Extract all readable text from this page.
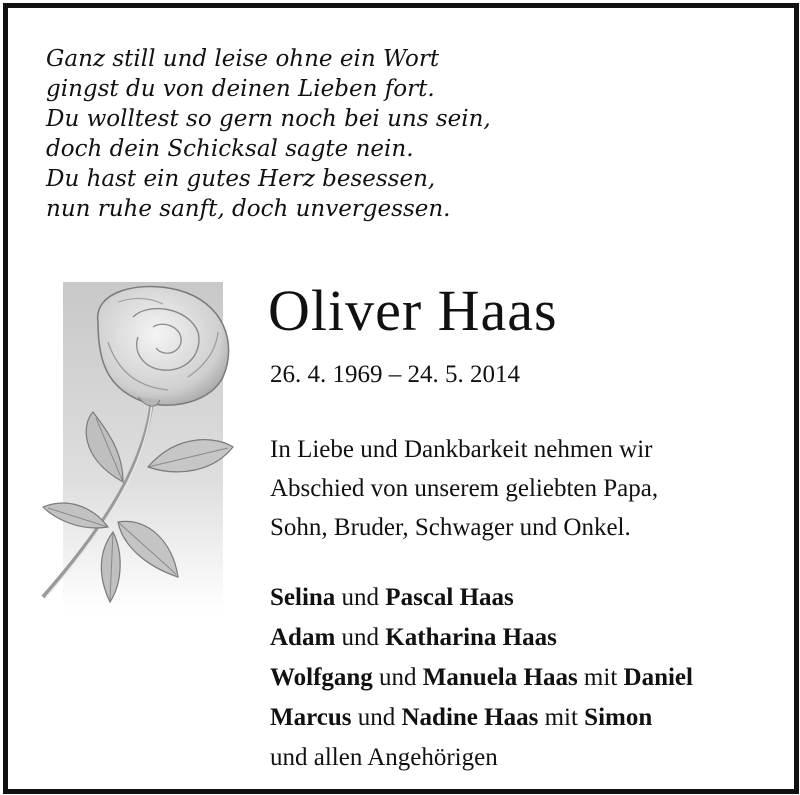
Ganz still und leise ohne ein Wort
gingst du von deinen Lieben fort.
Du wolltest so gern noch bei uns sein,
doch dein Schicksal sagte nein.
Du hast ein gutes Herz besessen,
nun ruhe sanft, doch unvergessen.
Oliver Haas
26. 4. 1969 – 24. 5. 2014
In Liebe und Dankbarkeit nehmen wir
Abschied von unserem geliebten Papa,
Sohn, Bruder, Schwager und Onkel.
Selina und Pascal Haas
Adam und Katharina Haas
Wolfgang und Manuela Haas mit Daniel
Marcus und Nadine Haas mit Simon
und allen Angehörigen
